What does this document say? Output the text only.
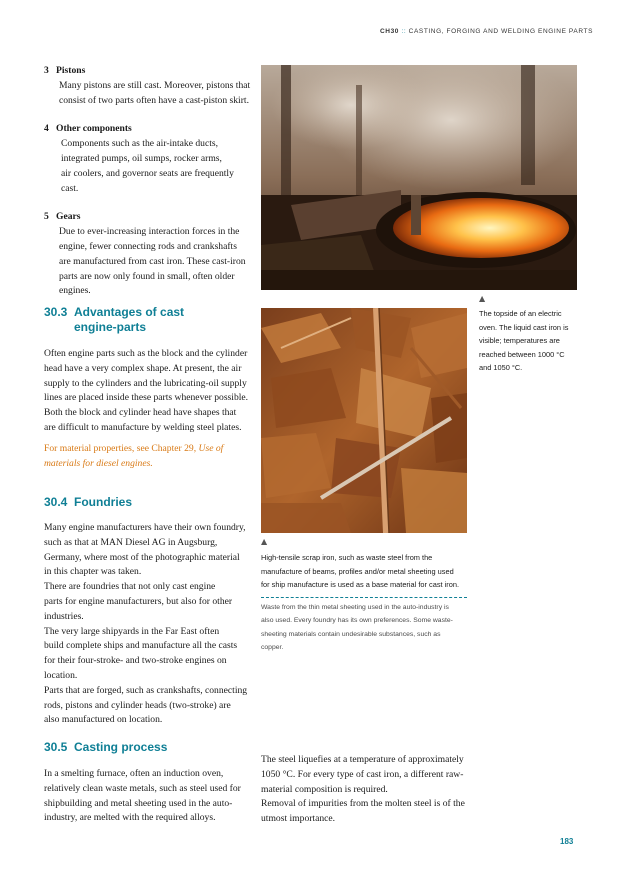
CH30 :: CASTING, FORGING AND WELDING ENGINE PARTS
3 Pistons
Many pistons are still cast. Moreover, pistons that
consist of two parts often have a cast-piston skirt.
4 Other components
Components such as the air-intake ducts,
integrated pumps, oil sumps, rocker arms,
air coolers, and governor seats are frequently
cast.
5 Gears
Due to ever-increasing interaction forces in the
engine, fewer connecting rods and crankshafts
are manufactured from cast iron. These cast-iron
parts are now only found in small, often older
engines.
▲
The topside of an electric
oven. The liquid cast iron is
visible; temperatures are
reached between 1000 °C
and 1050 °C.
30.3 Advantages of cast
engine-parts
Often engine parts such as the block and the cylinder
head have a very complex shape. At present, the air
supply to the cylinders and the lubricating-oil supply
lines are placed inside these parts whenever possible.
Both the block and cylinder head have shapes that
are difficult to manufacture by welding steel plates.
For material properties, see Chapter 29, Use of
materials for diesel engines.
▲
High-tensile scrap iron, such as waste steel from the
manufacture of beams, profiles and/or metal sheeting used
for ship manufacture is used as a base material for cast iron.
Waste from the thin metal sheeting used in the auto-industry is
also used. Every foundry has its own preferences. Some waste-
sheeting materials contain undesirable substances, such as
copper.
30.4 Foundries
Many engine manufacturers have their own foundry,
such as that at MAN Diesel AG in Augsburg,
Germany, where most of the photographic material
in this chapter was taken.
There are foundries that not only cast engine
parts for engine manufacturers, but also for other
industries.
The very large shipyards in the Far East often
build complete ships and manufacture all the casts
for their four-stroke- and two-stroke engines on
location.
Parts that are forged, such as crankshafts, connecting
rods, pistons and cylinder heads (two-stroke) are
also manufactured on location.
30.5 Casting process
In a smelting furnace, often an induction oven,
relatively clean waste metals, such as steel used for
shipbuilding and metal sheeting used in the auto-
industry, are melted with the required alloys.
The steel liquefies at a temperature of approximately
1050 °C. For every type of cast iron, a different raw-
material composition is required.
Removal of impurities from the molten steel is of the
utmost importance.
183
